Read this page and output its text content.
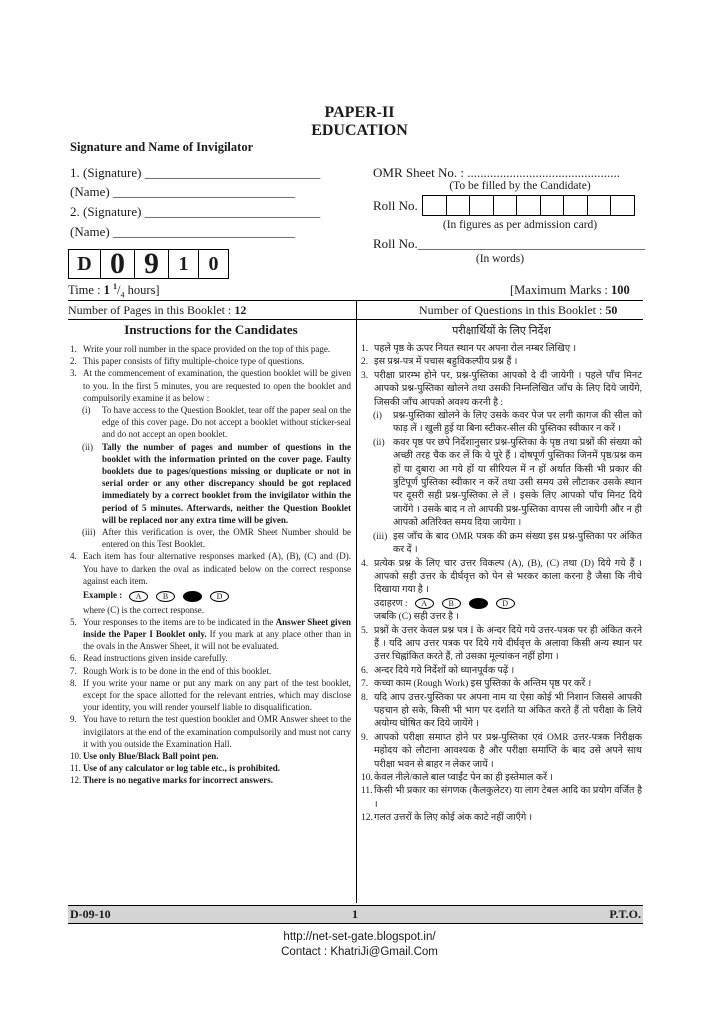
PAPER-II
EDUCATION
Signature and Name of Invigilator
1. (Signature) ___________________________
(Name) ____________________________
2. (Signature) ___________________________
(Name) ____________________________
OMR Sheet No. : ...............................................
(To be filled by the Candidate)
Roll No.
(In figures as per admission card)
Roll No.___________________________________
(In words)
D 0 9 1	0
Time : 1 $^1/_4$ hours]	[Maximum Marks : 100
Number of Pages in this Booklet : 12	Number of Questions in this Booklet : 50
Instructions for the Candidates	परीक्षार्थियों के लिए निर्देश
1. Write your roll number in the space provided on the top of this page.
2. This paper consists of fifty multiple-choice type of questions.
3. At the commencement of examination, the question booklet will be given to you. In the first 5 minutes, you are requested to open the booklet and compulsorily examine it as below :
(i)	To have access to the Question Booklet, tear off the paper seal on the edge of this cover page. Do not accept a booklet without sticker-seal and do not accept an open booklet.
(ii)	Tally the number of pages and number of questions in the booklet with the information printed on the cover page. Faulty booklets due to pages/questions missing or duplicate or not in serial order or any other discrepancy should be got replaced immediately by a correct booklet from the invigilator within the period of 5 minutes. Afterwards, neither the Question Booklet will be replaced nor any extra time will be given.
(iii) After this verification is over, the OMR Sheet Number should be entered on this Test Booklet.
4. Each item has four alternative responses marked (A), (B), (C) and (D). You have to darken the oval as indicated below on the correct response against each item.
Example : A	B	D
where (C) is the correct response.
5. Your responses to the items are to be indicated in the Answer Sheet given inside the Paper I Booklet only. If you mark at any place other than in the ovals in the Answer Sheet, it will not be evaluated.
6. Read instructions given inside carefully.
7. Rough Work is to be done in the end of this booklet.
8. If you write your name or put any mark on any part of the test booklet, except for the space allotted for the relevant entries, which may disclose your identity, you will render yourself liable to disqualification.
9. You have to return the test question booklet and OMR Answer sheet to the invigilators at the end of the examination compulsorily and must not carry it with you outside the Examination Hall.
10. Use only Blue/Black Ball point pen.
11. Use of any calculator or log table etc., is prohibited.
12. There is no negative marks for incorrect answers.
1. पहले पृष्ठ के ऊपर नियत स्थान पर अपना रोल नम्बर लिखिए ।
2. इस प्रश्न-पत्र में पचास बहुविकल्पीय प्रश्न हैं ।
3. परीक्षा प्रारम्भ होने पर, प्रश्न-पुस्तिका आपको दे दी जायेगी । पहले पाँच मिनट आपको प्रश्न-पुस्तिका खोलने तथा उसकी निम्नलिखित जाँच के लिए दिये जायेंगे, जिसकी जाँच आपको अवश्य करनी है :
(i)	प्रश्न-पुस्तिका खोलने के लिए उसके कवर पेज पर लगी कागज की सील को फाड़ लें । खुली हुई या बिना स्टीकर-सील की पुस्तिका स्वीकार न करें ।
(ii) कवर पृष्ठ पर छपे निर्देशानुसार प्रश्न-पुस्तिका के पृष्ठ तथा प्रश्नों की संख्या को अच्छी तरह चैक कर लें कि ये पूरे हैं । दोषपूर्ण पुस्तिका जिनमें पृष्ठ/प्रश्न कम हों या दुबारा आ गये हों या सीरियल में न हों अर्थात किसी भी प्रकार की त्रुटिपूर्ण पुस्तिका स्वीकार न करें तथा उसी समय उसे लौटाकर उसके स्थान पर दूसरी सही प्रश्न-पुस्तिका ले लें । इसके लिए आपको पाँच मिनट दिये जायेंगे । उसके बाद न तो आपकी प्रश्न-पुस्तिका वापस ली जायेगी और न ही आपको अतिरिक्त समय दिया जायेगा ।
(iii) इस जाँच के बाद OMR पत्रक की क्रम संख्या इस प्रश्न-पुस्तिका पर अंकित कर दें ।
4. प्रत्येक प्रश्न के लिए चार उत्तर विकल्प (A), (B), (C) तथा (D) दिये गये हैं । आपको सही उत्तर के दीर्घवृत्त को पेन से भरकर काला करना है जैसा कि नीचे दिखाया गया है ।
उदाहरण : A	B	D
जबकि (C) सही उत्तर है ।
5. प्रश्नों के उत्तर केवल प्रश्न पत्र I के अन्दर दिये गये उत्तर-पत्रक पर ही अंकित करने हैं । यदि आप उत्तर पत्रक पर दिये गये दीर्घवृत्त के अलावा किसी अन्य स्थान पर उत्तर चिह्नांकित करते हैं, तो उसका मूल्यांकन नहीं होगा ।
6. अन्दर दिये गये निर्देशों को ध्यानपूर्वक पढ़ें ।
7. कच्चा काम (Rough Work) इस पुस्तिका के अन्तिम पृष्ठ पर करें ।
8. यदि आप उत्तर-पुस्तिका पर अपना नाम या ऐसा कोई भी निशान जिससे आपकी पहचान हो सके, किसी भी भाग पर दर्शाते या अंकित करते हैं तो परीक्षा के लिये अयोग्य घोषित कर दिये जायेंगे ।
9. आपको परीक्षा समाप्त होने पर प्रश्न-पुस्तिका एवं OMR उत्तर-पत्रक निरीक्षक महोदय को लौटाना आवश्यक है और परीक्षा समाप्ति के बाद उसे अपने साथ परीक्षा भवन से बाहर न लेकर जायें ।
10. केवल नीले/काले बाल प्वाईंट पेन का ही इस्तेमाल करें ।
11. किसी भी प्रकार का संगणक (कैलकुलेटर) या लाग टेबल आदि का प्रयोग वर्जित है ।
12. गलत उत्तरों के लिए कोई अंक काटे नहीं जाएँगे ।
D-09-10	1	P.T.O.
http://net-set-gate.blogspot.in/
Contact : KhatriJi@Gmail.Com
